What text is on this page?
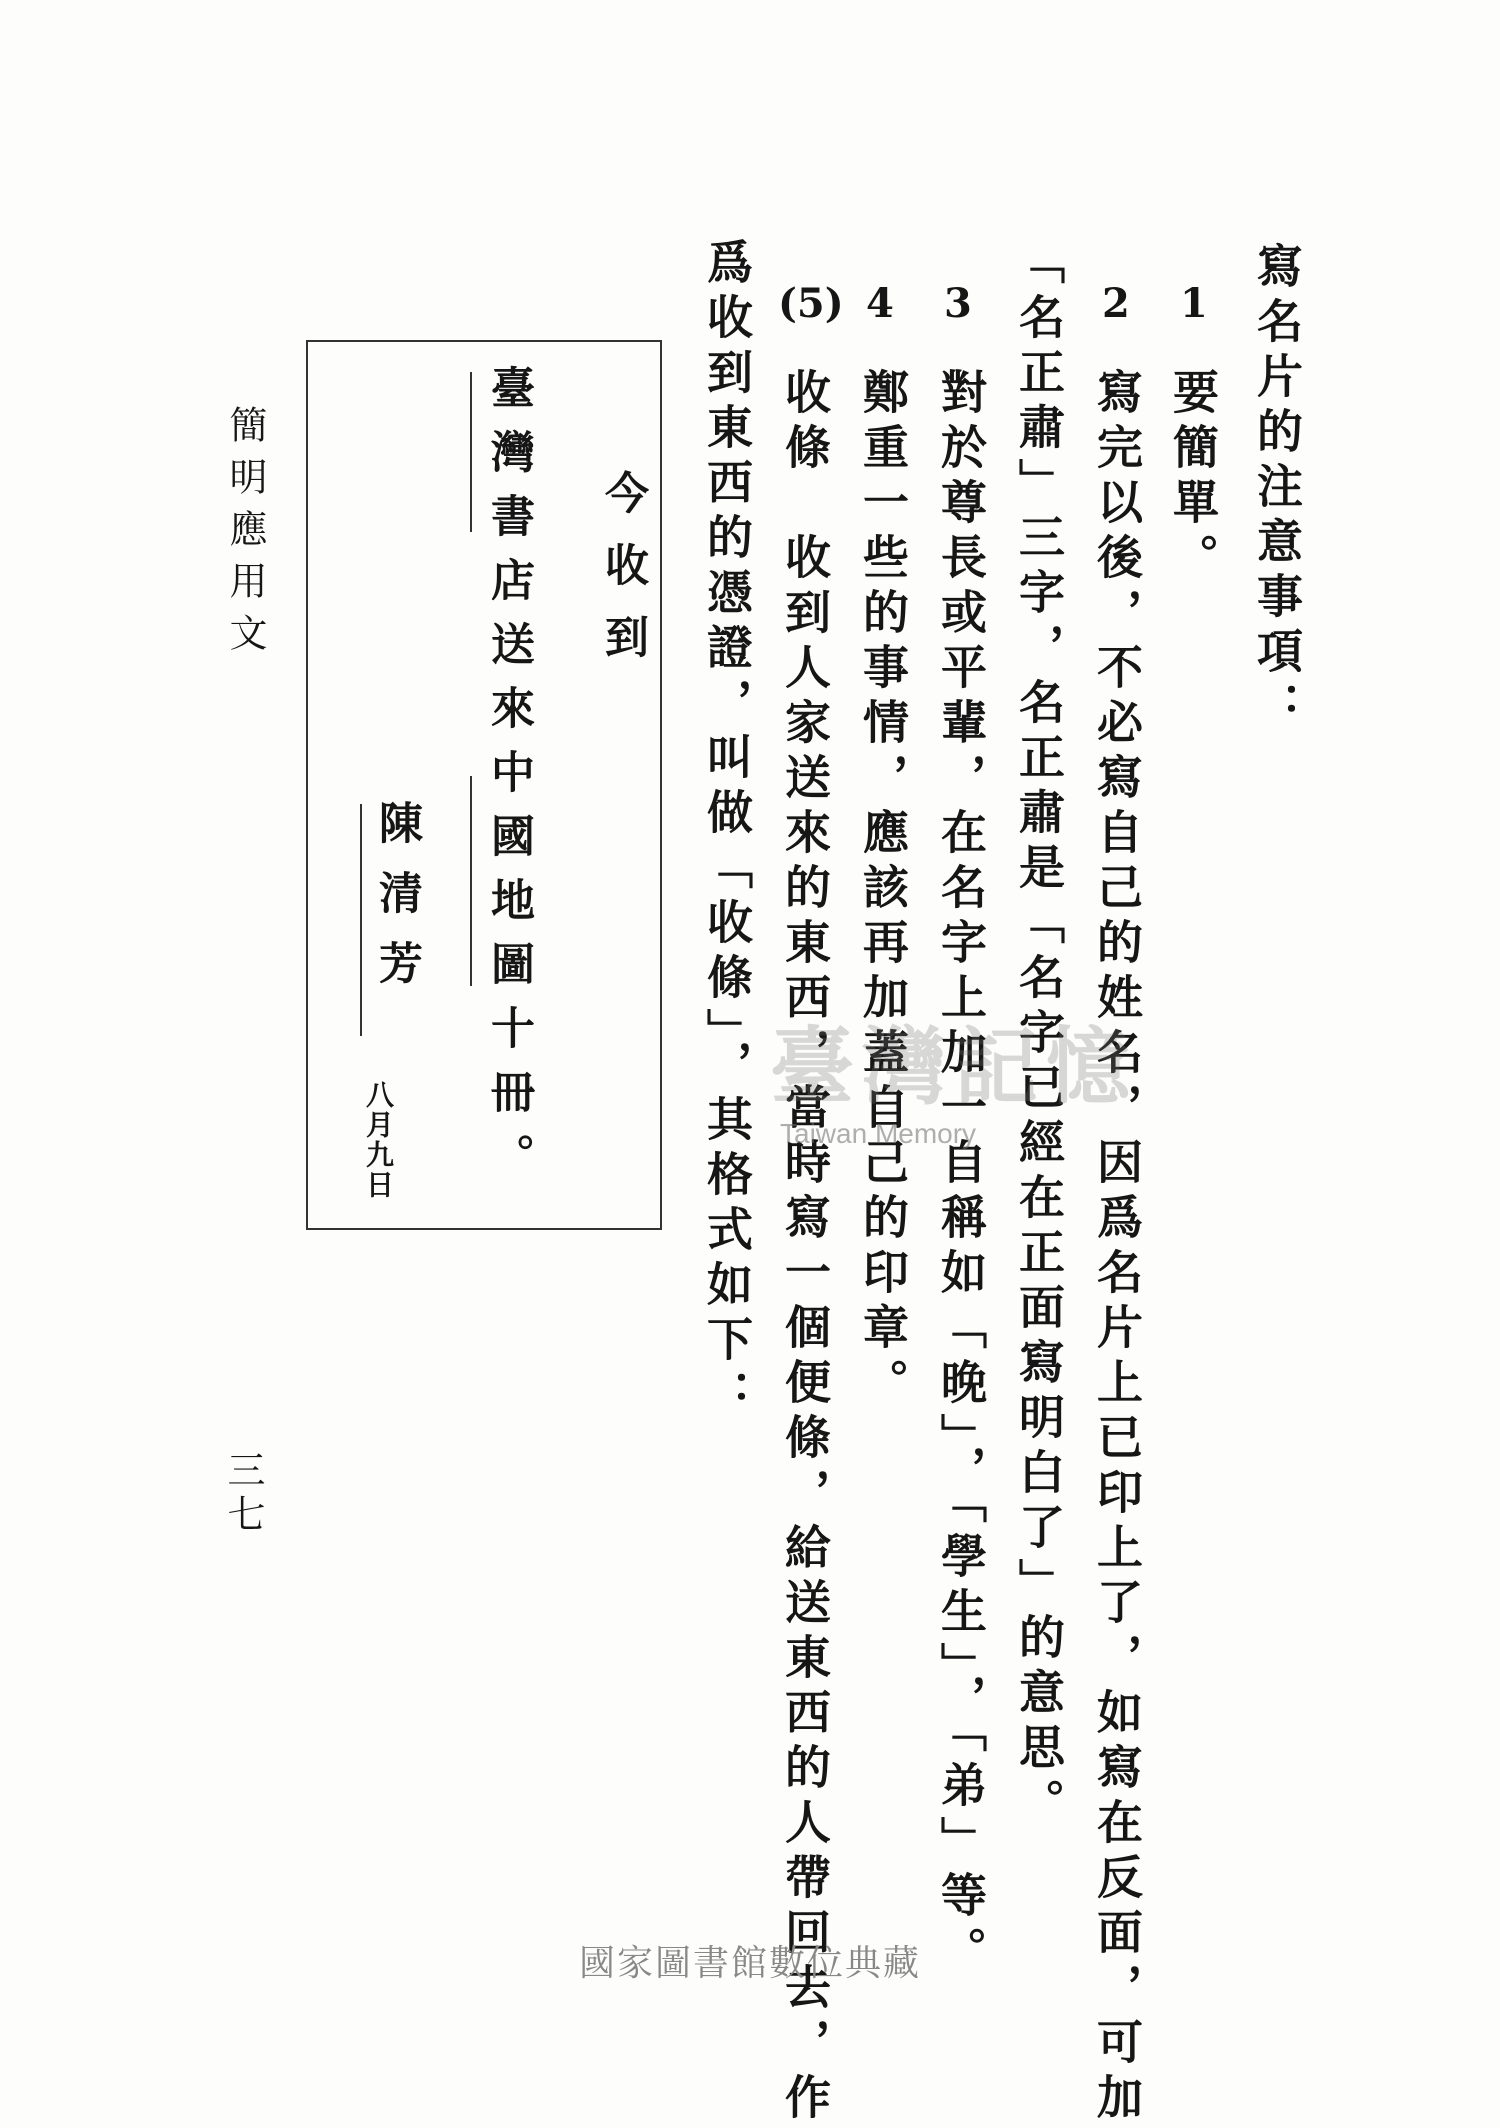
寫名片的注意事項：
1
要簡單。
2
寫完以後，不必寫自己的姓名，因爲名片上已印上了，如寫在反面，可加
「名正肅」三字，名正肅是「名字已經在正面寫明白了」的意思。
3
對於尊長或平輩，在名字上加一自稱如「晚」，「學生」，「弟」等。
4
鄭重一些的事情，應該再加蓋自己的印章。
(5)
收條　收到人家送來的東西，當時寫一個便條，給送東西的人帶回去，作
爲收到東西的憑證，叫做「收條」，其格式如下：
今收到
臺灣書店送來中國地圖十冊。
陳清芳
八月九日
簡明應用文
三七
臺灣記憶
Taiwan Memory
國家圖書館數位典藏
